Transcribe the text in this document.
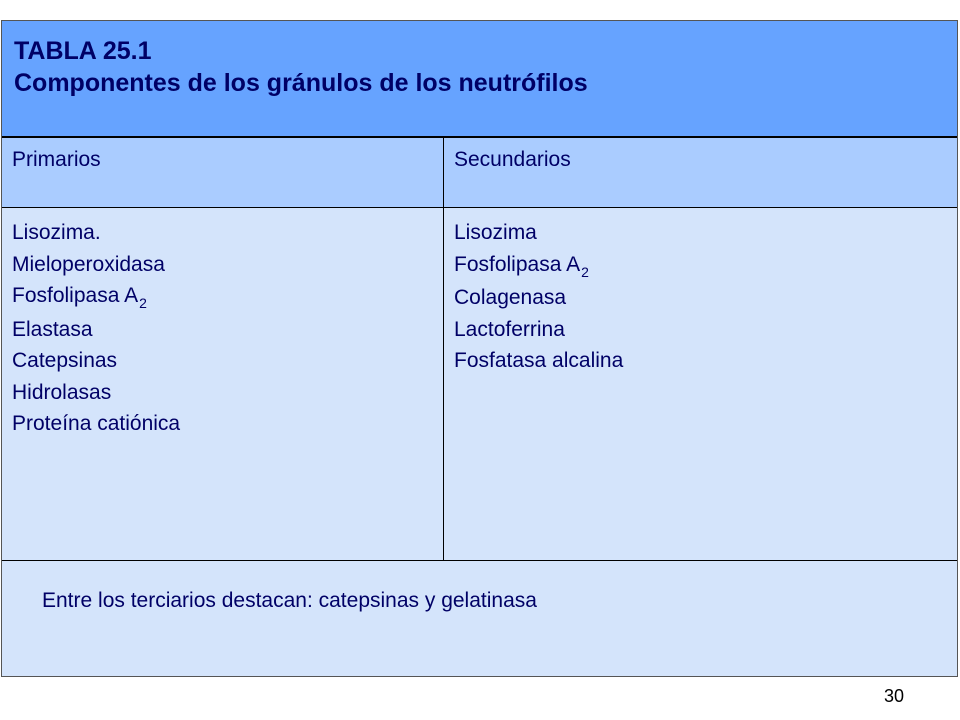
TABLA 25.1
Componentes de los gránulos de los neutrófilos
Primarios	Secundarios
Lisozima.
Mieloperoxidasa
Fosfolipasa $A_2$
Elastasa
Catepsinas
Hidrolasas
Proteína catiónica
Lisozima
Fosfolipasa $A_2$
Colagenasa
Lactoferrina
Fosfatasa alcalina
Entre los terciarios destacan: catepsinas y gelatinasa
30
